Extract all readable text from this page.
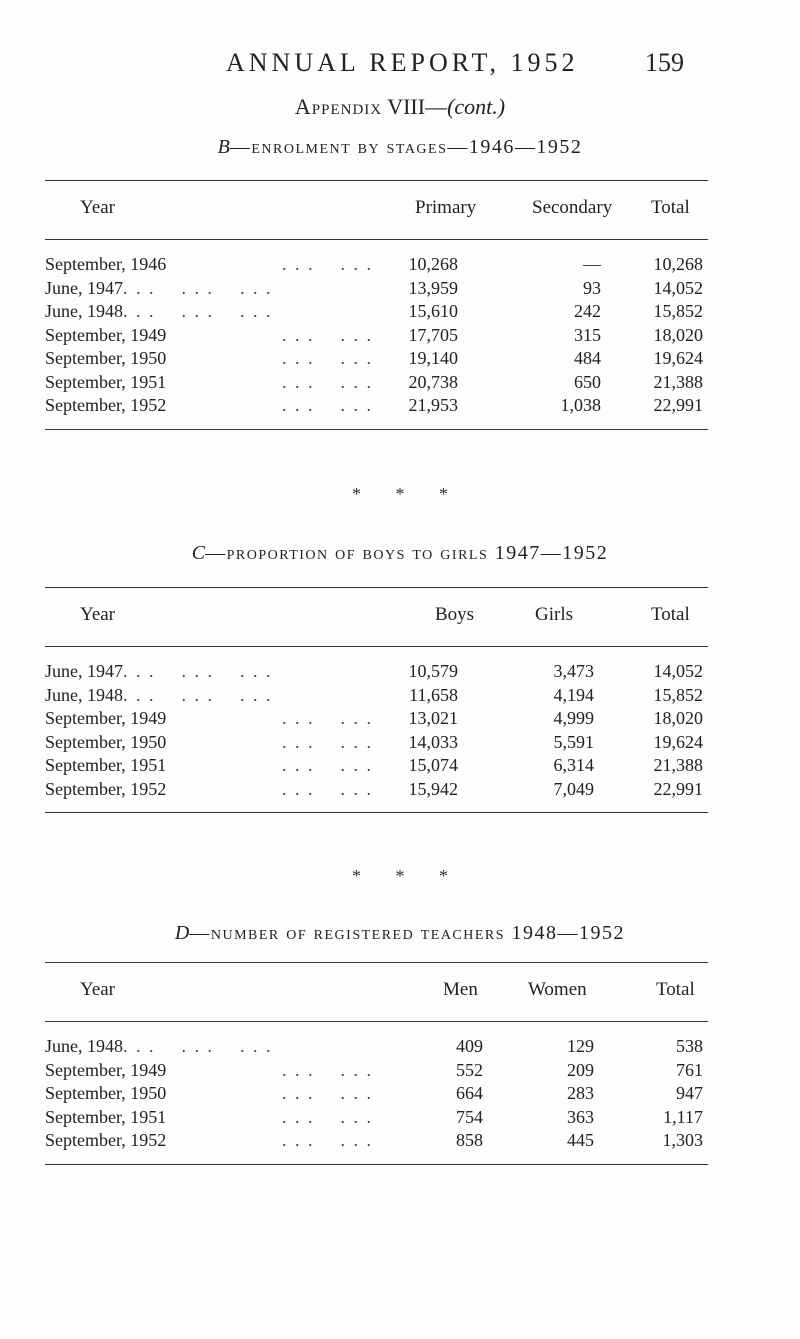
ANNUAL REPORT, 1952	159
Appendix VIII—(cont.)
B—enrolment by stages—1946—1952
Year	Primary	Secondary Total
September, 1946	. . .    . . . 10,268	—	10,268
June, 1947 . . .    . . .    . . .	13,959	93	14,052
June, 1948 . . .    . . .    . . .	15,610	242	15,852
September, 1949	. . .    . . . 17,705	315	18,020
September, 1950	. . .    . . . 19,140	484	19,624
September, 1951	. . .    . . . 20,738	650	21,388
September, 1952	. . .    . . . 21,953	1,038	22,991
* * *
C—proportion of boys to girls 1947—1952
Year	Boys	Girls	Total
June, 1947 . . .    . . .    . . .	10,579	3,473	14,052
June, 1948 . . .    . . .    . . .	11,658	4,194	15,852
September, 1949	. . .    . . . 13,021	4,999	18,020
September, 1950	. . .    . . . 14,033	5,591	19,624
September, 1951	. . .    . . . 15,074	6,314	21,388
September, 1952	. . .    . . . 15,942	7,049	22,991
* * *
D—number of registered teachers 1948—1952
Year	Men	Women	Total
June, 1948 . . .    . . .    . . .	409	129	538
September, 1949	. . .    . . .	552	209	761
September, 1950	. . .    . . .	664	283	947
September, 1951	. . .    . . .	754	363	1,117
September, 1952	. . .    . . .	858	445	1,303
